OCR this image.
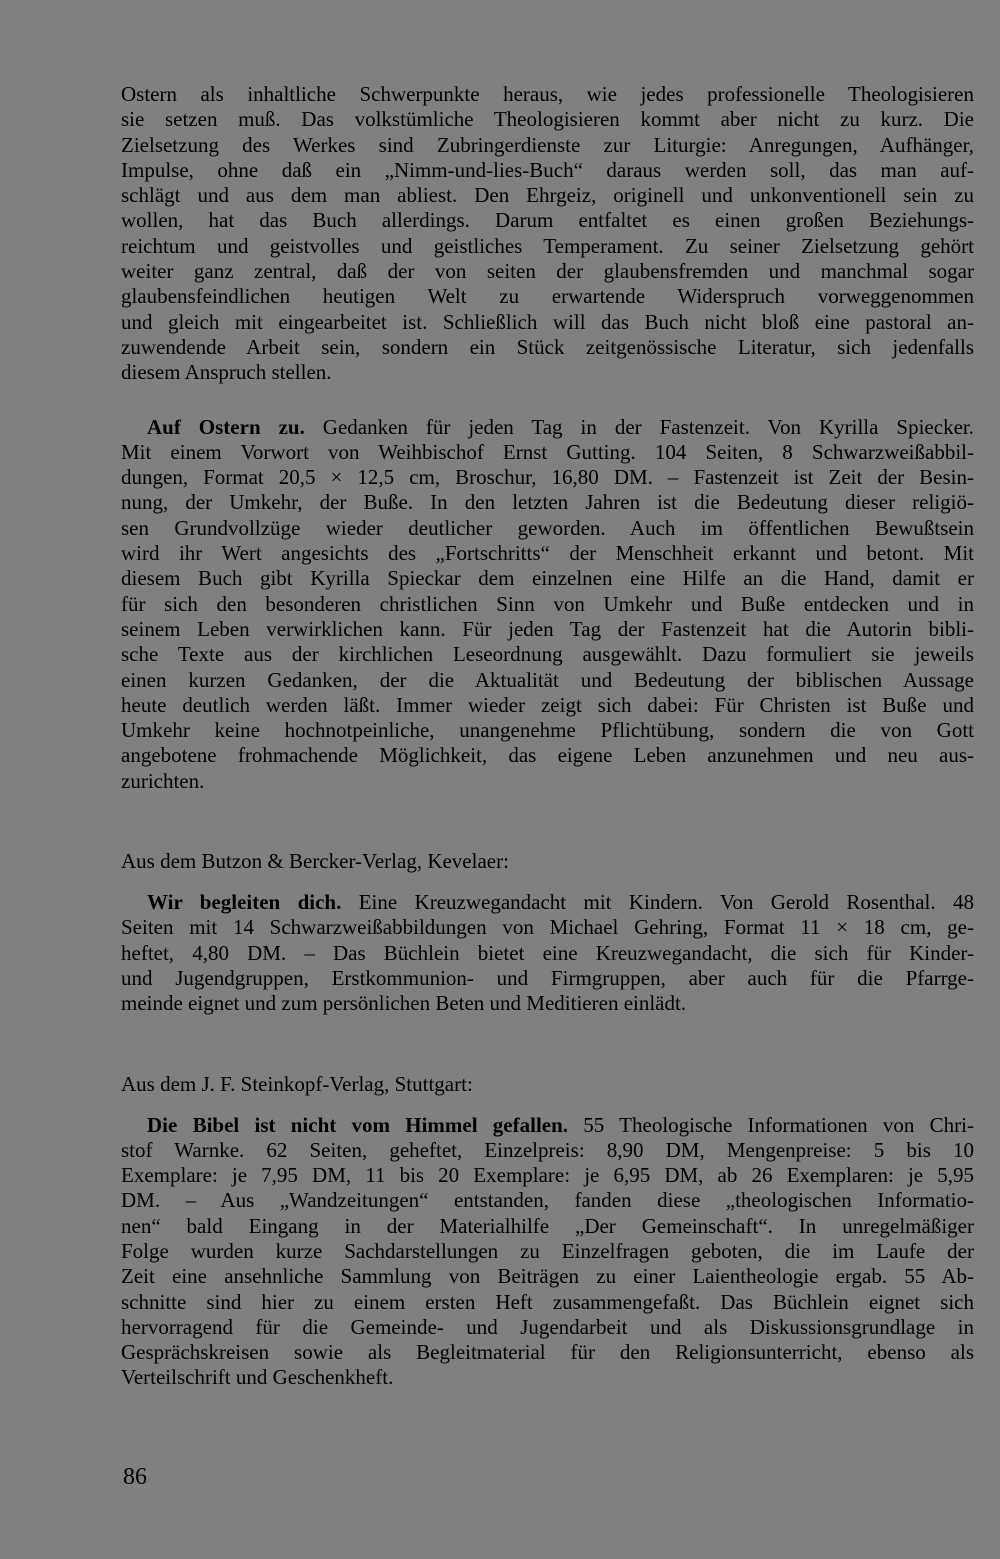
Ostern als inhaltliche Schwerpunkte heraus, wie jedes professionelle Theologisieren
sie setzen muß. Das volkstümliche Theologisieren kommt aber nicht zu kurz. Die
Zielsetzung des Werkes sind Zubringerdienste zur Liturgie: Anregungen, Aufhänger,
Impulse, ohne daß ein „Nimm-und-lies-Buch“ daraus werden soll, das man auf-
schlägt und aus dem man abliest. Den Ehrgeiz, originell und unkonventionell sein zu
wollen, hat das Buch allerdings. Darum entfaltet es einen großen Beziehungs-
reichtum und geistvolles und geistliches Temperament. Zu seiner Zielsetzung gehört
weiter ganz zentral, daß der von seiten der glaubensfremden und manchmal sogar
glaubensfeindlichen heutigen Welt zu erwartende Widerspruch vorweggenommen
und gleich mit eingearbeitet ist. Schließlich will das Buch nicht bloß eine pastoral an-
zuwendende Arbeit sein, sondern ein Stück zeitgenössische Literatur, sich jedenfalls
diesem Anspruch stellen.
Auf Ostern zu. Gedanken für jeden Tag in der Fastenzeit. Von Kyrilla Spiecker.
Mit einem Vorwort von Weihbischof Ernst Gutting. 104 Seiten, 8 Schwarzweißabbil-
dungen, Format 20,5 × 12,5 cm, Broschur, 16,80 DM. – Fastenzeit ist Zeit der Besin-
nung, der Umkehr, der Buße. In den letzten Jahren ist die Bedeutung dieser religiö-
sen Grundvollzüge wieder deutlicher geworden. Auch im öffentlichen Bewußtsein
wird ihr Wert angesichts des „Fortschritts“ der Menschheit erkannt und betont. Mit
diesem Buch gibt Kyrilla Spieckar dem einzelnen eine Hilfe an die Hand, damit er
für sich den besonderen christlichen Sinn von Umkehr und Buße entdecken und in
seinem Leben verwirklichen kann. Für jeden Tag der Fastenzeit hat die Autorin bibli-
sche Texte aus der kirchlichen Leseordnung ausgewählt. Dazu formuliert sie jeweils
einen kurzen Gedanken, der die Aktualität und Bedeutung der biblischen Aussage
heute deutlich werden läßt. Immer wieder zeigt sich dabei: Für Christen ist Buße und
Umkehr keine hochnotpeinliche, unangenehme Pflichtübung, sondern die von Gott
angebotene frohmachende Möglichkeit, das eigene Leben anzunehmen und neu aus-
zurichten.

Aus dem Butzon & Bercker-Verlag, Kevelaer:

Wir begleiten dich. Eine Kreuzwegandacht mit Kindern. Von Gerold Rosenthal. 48
Seiten mit 14 Schwarzweißabbildungen von Michael Gehring, Format 11 × 18 cm, ge-
heftet, 4,80 DM. – Das Büchlein bietet eine Kreuzwegandacht, die sich für Kinder-
und Jugendgruppen, Erstkommunion- und Firmgruppen, aber auch für die Pfarrge-
meinde eignet und zum persönlichen Beten und Meditieren einlädt.

Aus dem J. F. Steinkopf-Verlag, Stuttgart:

Die Bibel ist nicht vom Himmel gefallen. 55 Theologische Informationen von Chri-
stof Warnke. 62 Seiten, geheftet, Einzelpreis: 8,90 DM, Mengenpreise: 5 bis 10
Exemplare: je 7,95 DM, 11 bis 20 Exemplare: je 6,95 DM, ab 26 Exemplaren: je 5,95
DM. – Aus „Wandzeitungen“ entstanden, fanden diese „theologischen Informatio-
nen“ bald Eingang in der Materialhilfe „Der Gemeinschaft“. In unregelmäßiger
Folge wurden kurze Sachdarstellungen zu Einzelfragen geboten, die im Laufe der
Zeit eine ansehnliche Sammlung von Beiträgen zu einer Laientheologie ergab. 55 Ab-
schnitte sind hier zu einem ersten Heft zusammengefaßt. Das Büchlein eignet sich
hervorragend für die Gemeinde- und Jugendarbeit und als Diskussionsgrundlage in
Gesprächskreisen sowie als Begleitmaterial für den Religionsunterricht, ebenso als
Verteilschrift und Geschenkheft.
86
